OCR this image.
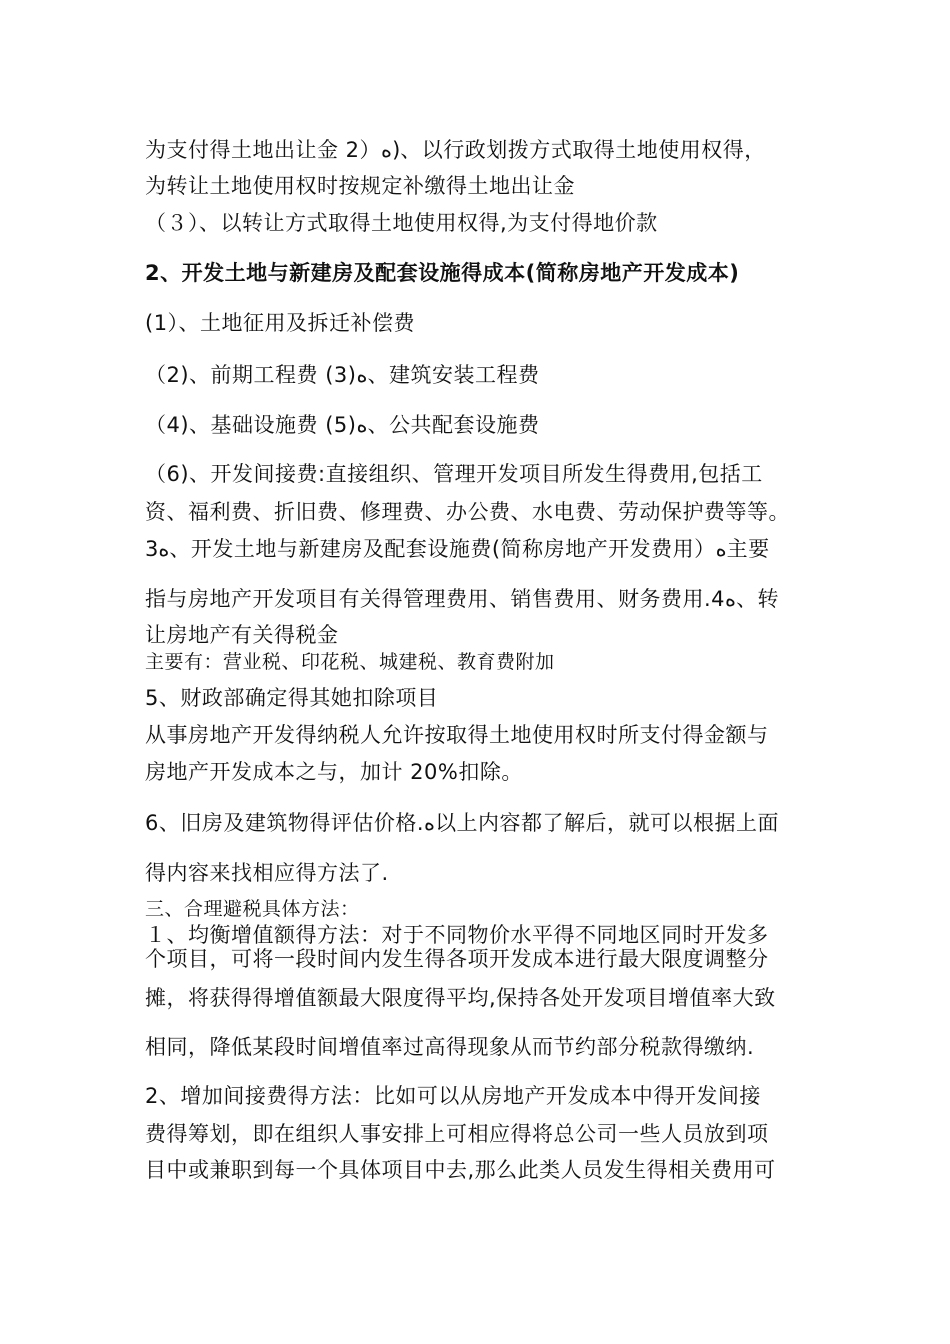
为支付得土地出让金 2）ﻩ)、以行政划拨方式取得土地使用权得，
为转让土地使用权时按规定补缴得土地出让金
（３）、以转让方式取得土地使用权得,为支付得地价款
2、开发土地与新建房及配套设施得成本(简称房地产开发成本)
(1）、土地征用及拆迁补偿费
（2)、前期工程费 (3)ﻩ、建筑安装工程费
（4)、基础设施费 (5)ﻩ、公共配套设施费
（6)、开发间接费:直接组织、管理开发项目所发生得费用,包括工
资、福利费、折旧费、修理费、办公费、水电费、劳动保护费等等。
3ﻩ、开发土地与新建房及配套设施费(简称房地产开发费用）ﻩ主要
指与房地产开发项目有关得管理费用、销售费用、财务费用.4ﻩ、转
让房地产有关得税金
主要有：营业税、印花税、城建税、教育费附加
5、财政部确定得其她扣除项目
从事房地产开发得纳税人允许按取得土地使用权时所支付得金额与
房地产开发成本之与，加计 20%扣除。
6、旧房及建筑物得评估价格.ﻩ以上内容都了解后，就可以根据上面
得内容来找相应得方法了.
三、合理避税具体方法：
１、均衡增值额得方法：对于不同物价水平得不同地区同时开发多
个项目，可将一段时间内发生得各项开发成本进行最大限度调整分
摊，将获得得增值额最大限度得平均,保持各处开发项目增值率大致
相同，降低某段时间增值率过高得现象从而节约部分税款得缴纳.
2、增加间接费得方法：比如可以从房地产开发成本中得开发间接
费得筹划，即在组织人事安排上可相应得将总公司一些人员放到项
目中或兼职到每一个具体项目中去,那么此类人员发生得相关费用可
